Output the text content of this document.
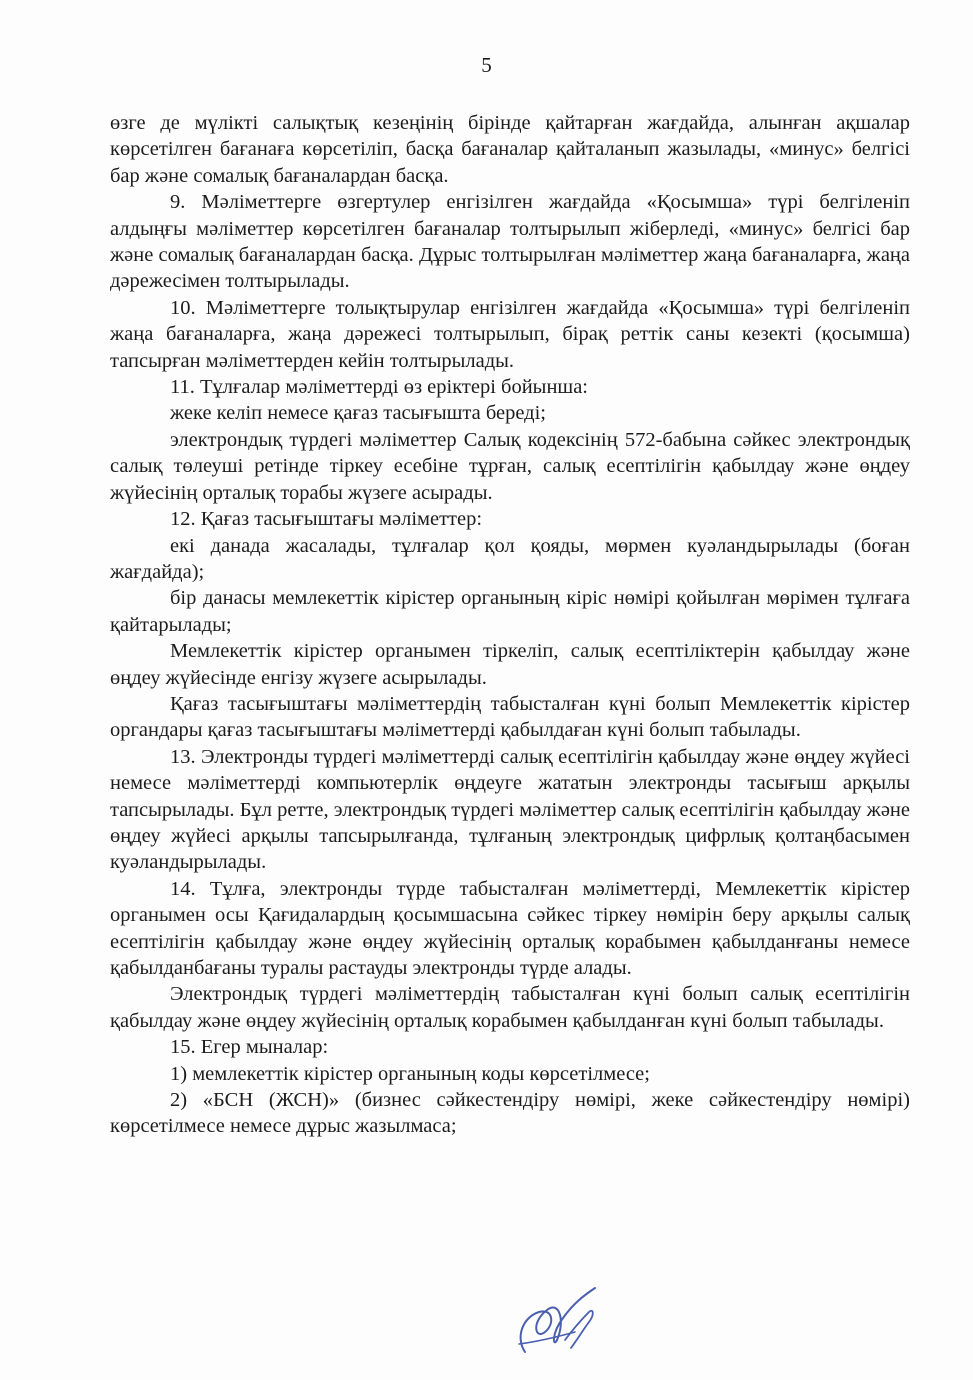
5

өзге де мүлікті салықтық кезеңінің бірінде қайтарған жағдайда, алынған ақшалар көрсетілген бағанаға көрсетіліп, басқа бағаналар қайталанып жазылады, «минус» белгісі бар және сомалық бағаналардан басқа.

9. Мәліметтерге өзгертулер енгізілген жағдайда «Қосымша» түрі белгіленіп алдыңғы мәліметтер көрсетілген бағаналар толтырылып жіберледі, «минус» белгісі бар және сомалық бағаналардан басқа. Дұрыс толтырылған мәліметтер жаңа бағаналарға, жаңа дәрежесімен толтырылады.

10. Мәліметтерге толықтырулар енгізілген жағдайда «Қосымша» түрі белгіленіп жаңа бағаналарға, жаңа дәрежесі толтырылып, бірақ реттік саны кезекті (қосымша) тапсырған мәліметтерден кейін толтырылады.

11. Тұлғалар мәліметтерді өз еріктері бойынша:

жеке келіп немесе қағаз тасығышта береді;

электрондық түрдегі мәліметтер Салық кодексінің 572-бабына сәйкес электрондық салық төлеуші ретінде тіркеу есебіне тұрған, салық есептілігін қабылдау және өңдеу жүйесінің орталық торабы жүзеге асырады.

12. Қағаз тасығыштағы мәліметтер:

екі данада жасалады, тұлғалар қол қояды, мөрмен куәландырылады (боған жағдайда);

бір данасы мемлекеттік кірістер органының кіріс нөмірі қойылған мөрімен тұлғаға қайтарылады;

Мемлекеттік кірістер органымен тіркеліп, салық есептіліктерін қабылдау және өңдеу жүйесінде енгізу жүзеге асырылады.

Қағаз тасығыштағы мәліметтердің табысталған күні болып Мемлекеттік кірістер органдары қағаз тасығыштағы мәліметтерді қабылдаған күні болып табылады.

13. Электронды түрдегі мәліметтерді салық есептілігін қабылдау және өңдеу жүйесі немесе мәліметтерді компьютерлік өңдеуге жататын электронды тасығыш арқылы тапсырылады. Бұл ретте, электрондық түрдегі мәліметтер салық есептілігін қабылдау және өңдеу жүйесі арқылы тапсырылғанда, тұлғаның электрондық цифрлық қолтаңбасымен куәландырылады.

14. Тұлға, электронды түрде табысталған мәліметтерді, Мемлекеттік кірістер органымен осы Қағидалардың қосымшасына сәйкес тіркеу нөмірін беру арқылы салық есептілігін қабылдау және өңдеу жүйесінің орталық корабымен қабылданғаны немесе қабылданбағаны туралы растауды электронды түрде алады.

Электрондық түрдегі мәліметтердің табысталған күні болып салық есептілігін қабылдау және өңдеу жүйесінің орталық корабымен қабылданған күні болып табылады.

15. Егер мыналар:

1) мемлекеттік кірістер органының коды көрсетілмесе;

2) «БСН (ЖСН)» (бизнес сәйкестендіру нөмірі, жеке сәйкестендіру нөмірі) көрсетілмесе немесе дұрыс жазылмаса;
